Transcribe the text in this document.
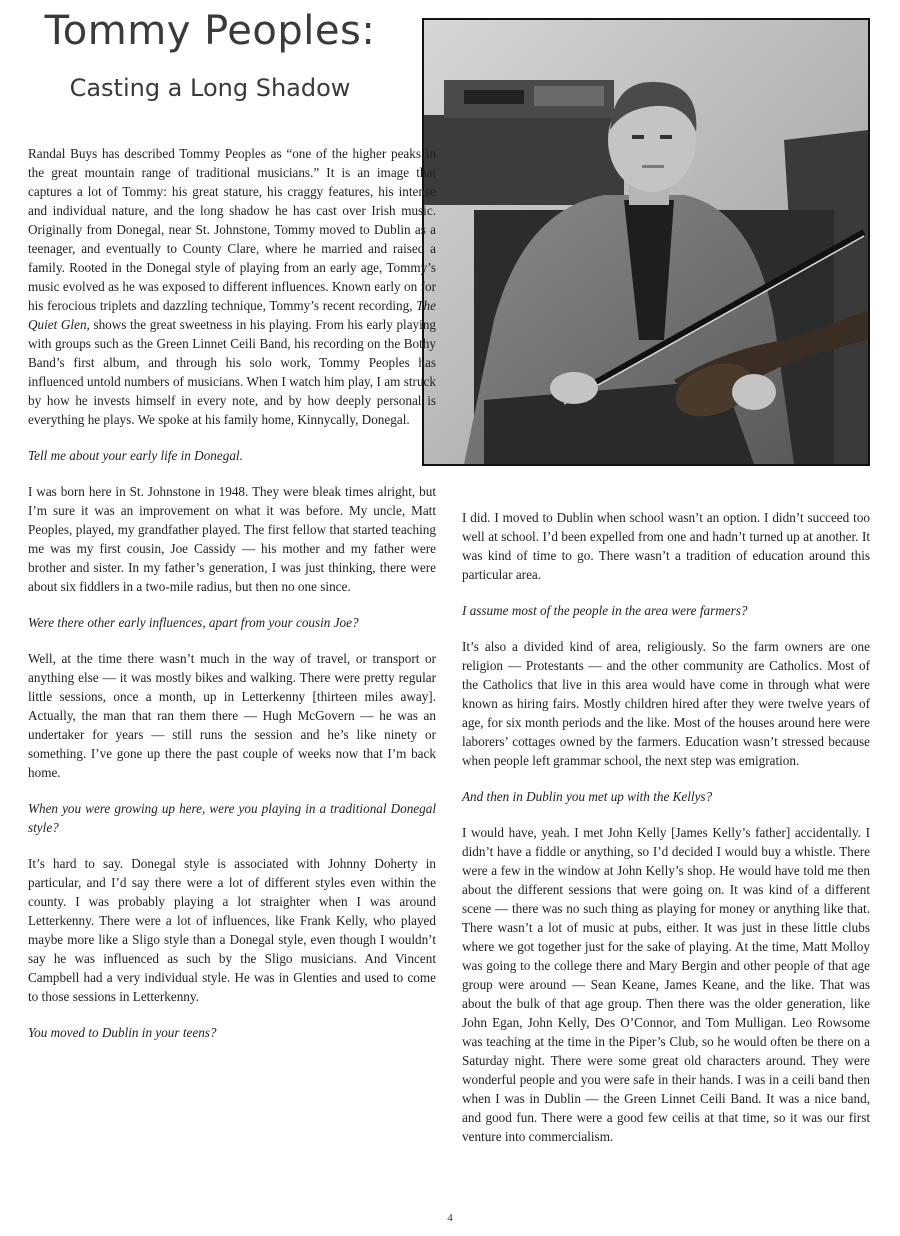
Tommy Peoples:
Casting a Long Shadow

Randal Buys has described Tommy Peoples as “one of the higher peaks in the great mountain range of traditional musicians.” It is an image that captures a lot of Tommy: his great stature, his craggy features, his intense and individual nature, and the long shadow he has cast over Irish music. Originally from Donegal, near St. Johnstone, Tommy moved to Dublin as a teenager, and eventually to County Clare, where he married and raised a family. Rooted in the Donegal style of playing from an early age, Tommy’s music evolved as he was exposed to different influences. Known early on for his ferocious triplets and dazzling technique, Tommy’s recent recording, The Quiet Glen, shows the great sweetness in his playing. From his early playing with groups such as the Green Linnet Ceili Band, his recording on the Bothy Band’s first album, and through his solo work, Tommy Peoples has influenced untold numbers of musicians. When I watch him play, I am struck by how he invests himself in every note, and by how deeply personal is everything he plays. We spoke at his family home, Kinnycally, Donegal.

Tell me about your early life in Donegal.

I was born here in St. Johnstone in 1948. They were bleak times alright, but I’m sure it was an improvement on what it was before. My uncle, Matt Peoples, played, my grandfather played. The first fellow that started teaching me was my first cousin, Joe Cassidy — his mother and my father were brother and sister. In my father’s generation, I was just thinking, there were about six fiddlers in a two-mile radius, but then no one since.

Were there other early influences, apart from your cousin Joe?

Well, at the time there wasn’t much in the way of travel, or transport or anything else — it was mostly bikes and walking. There were pretty regular little sessions, once a month, up in Letterkenny [thirteen miles away]. Actually, the man that ran them there — Hugh McGovern — he was an undertaker for years — still runs the session and he’s like ninety or something. I’ve gone up there the past couple of weeks now that I’m back home.

When you were growing up here, were you playing in a traditional Donegal style?

It’s hard to say. Donegal style is associated with Johnny Doherty in particular, and I’d say there were a lot of different styles even within the county. I was probably playing a lot straighter when I was around Letterkenny. There were a lot of influences, like Frank Kelly, who played maybe more like a Sligo style than a Donegal style, even though I wouldn’t say he was influenced as such by the Sligo musicians. And Vincent Campbell had a very individual style. He was in Glenties and used to come to those sessions in Letterkenny.

You moved to Dublin in your teens?

I did. I moved to Dublin when school wasn’t an option. I didn’t succeed too well at school. I’d been expelled from one and hadn’t turned up at another. It was kind of time to go. There wasn’t a tradition of education around this particular area.

I assume most of the people in the area were farmers?

It’s also a divided kind of area, religiously. So the farm owners are one religion — Protestants — and the other community are Catholics. Most of the Catholics that live in this area would have come in through what were known as hiring fairs. Mostly children hired after they were twelve years of age, for six month periods and the like. Most of the houses around here were laborers’ cottages owned by the farmers. Education wasn’t stressed because when people left grammar school, the next step was emigration.

And then in Dublin you met up with the Kellys?

I would have, yeah. I met John Kelly [James Kelly’s father] accidentally. I didn’t have a fiddle or anything, so I’d decided I would buy a whistle. There were a few in the window at John Kelly’s shop. He would have told me then about the different sessions that were going on. It was kind of a different scene — there was no such thing as playing for money or anything like that. There wasn’t a lot of music at pubs, either. It was just in these little clubs where we got together just for the sake of playing. At the time, Matt Molloy was going to the college there and Mary Bergin and other people of that age group were around — Sean Keane, James Keane, and the like. That was about the bulk of that age group. Then there was the older generation, like John Egan, John Kelly, Des O’Connor, and Tom Mulligan. Leo Rowsome was teaching at the time in the Piper’s Club, so he would often be there on a Saturday night. There were some great old characters around. They were wonderful people and you were safe in their hands. I was in a ceili band then when I was in Dublin — the Green Linnet Ceili Band. It was a nice band, and good fun. There were a good few ceilis at that time, so it was our first venture into commercialism.

4
